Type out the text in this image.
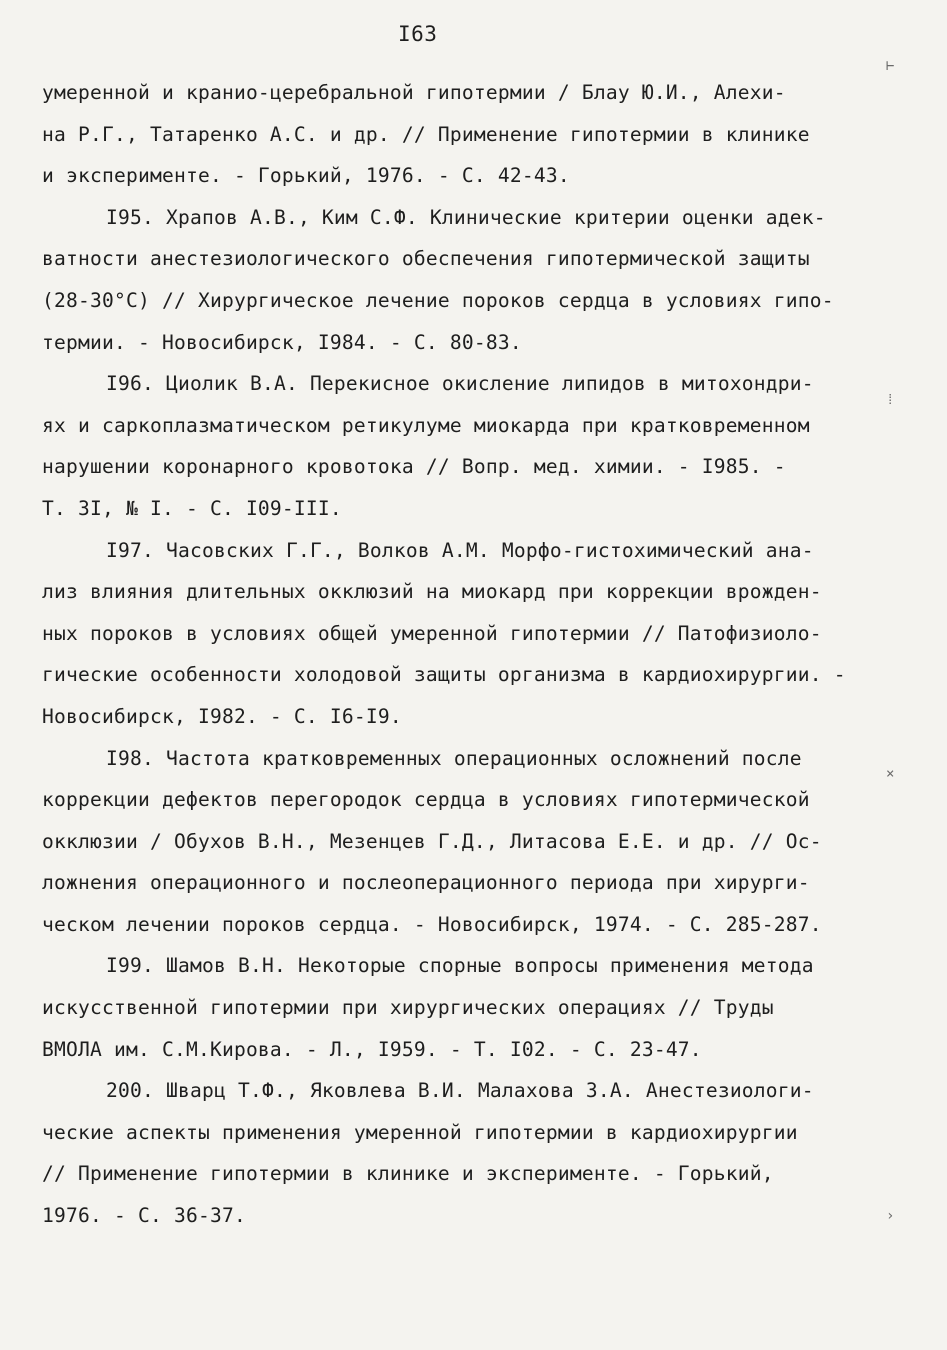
I63
умеренной и кранио-церебральной гипотермии / Блау Ю.И., Алехи-
на Р.Г., Татаренко А.С. и др. // Применение гипотермии в клинике
и эксперименте. - Горький, 1976. - С. 42-43.
I95. Храпов А.В., Ким С.Ф. Клинические критерии оценки адек-
ватности анестезиологического обеспечения гипотермической защиты
(28-30°С) // Хирургическое лечение пороков сердца в условиях гипо-
термии. - Новосибирск, I984. - С. 80-83.
I96. Циолик В.А. Перекисное окисление липидов в митохондри-
ях и саркоплазматическом ретикулуме миокарда при кратковременном
нарушении коронарного кровотока // Вопр. мед. химии. - I985. -
Т. 3I, № I. - С. I09-III.
I97. Часовских Г.Г., Волков А.М. Морфо-гистохимический ана-
лиз влияния длительных окклюзий на миокард при коррекции врожден-
ных пороков в условиях общей умеренной гипотермии // Патофизиоло-
гические особенности холодовой защиты организма в кардиохирургии. -
Новосибирск, I982. - С. I6-I9.
I98. Частота кратковременных операционных осложнений после
коррекции дефектов перегородок сердца в условиях гипотермической
окклюзии / Обухов В.Н., Мезенцев Г.Д., Литасова Е.Е. и др. // Ос-
ложнения операционного и послеоперационного периода при хирурги-
ческом лечении пороков сердца. - Новосибирск, 1974. - С. 285-287.
I99. Шамов В.Н. Некоторые спорные вопросы применения метода
искусственной гипотермии при хирургических операциях // Труды
ВМОЛА им. С.М.Кирова. - Л., I959. - Т. I02. - С. 23-47.
200. Шварц Т.Ф., Яковлева В.И. Малахова З.А. Анестезиологи-
ческие аспекты применения умеренной гипотермии в кардиохирургии
// Применение гипотермии в клинике и эксперименте. - Горький,
1976. - С. 36-37.
⊢
⁞
×
›
